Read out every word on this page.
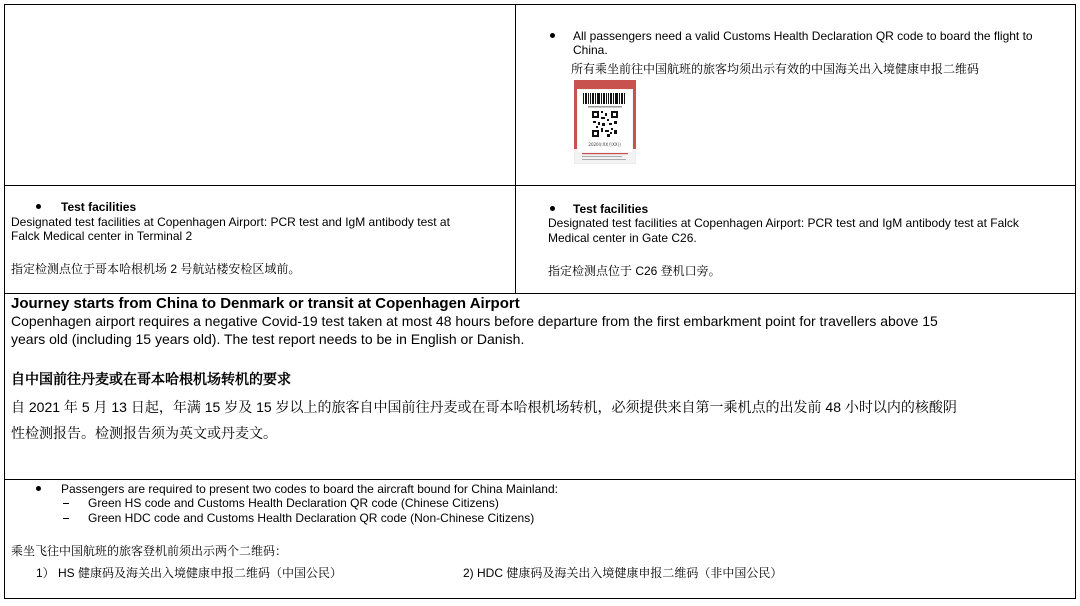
All passengers need a valid Customs Health Declaration QR code to board the flight to
China.
所有乘坐前往中国航班的旅客均须出示有效的中国海关出入境健康申报二维码
2020年XX月XX日
Test facilities
Designated test facilities at Copenhagen Airport: PCR test and IgM antibody test at
Falck Medical center in Terminal 2
指定检测点位于哥本哈根机场 2 号航站楼安检区域前。
Test facilities
Designated test facilities at Copenhagen Airport: PCR test and IgM antibody test at Falck
Medical center in Gate C26.
指定检测点位于 C26 登机口旁。
Journey starts from China to Denmark or transit at Copenhagen Airport
Copenhagen airport requires a negative Covid-19 test taken at most 48 hours before departure from the first embarkment point for travellers above 15
years old (including 15 years old). The test report needs to be in English or Danish.
自中国前往丹麦或在哥本哈根机场转机的要求
自 2021 年 5 月 13 日起，年满 15 岁及 15 岁以上的旅客自中国前往丹麦或在哥本哈根机场转机，必须提供来自第一乘机点的出发前 48 小时以内的核酸阴
性检测报告。检测报告须为英文或丹麦文。
Passengers are required to present two codes to board the aircraft bound for China Mainland:
Green HS code and Customs Health Declaration QR code (Chinese Citizens)
Green HDC code and Customs Health Declaration QR code (Non-Chinese Citizens)
乘坐飞往中国航班的旅客登机前须出示两个二维码：
1） HS 健康码及海关出入境健康申报二维码（中国公民）	2) HDC 健康码及海关出入境健康申报二维码（非中国公民）
